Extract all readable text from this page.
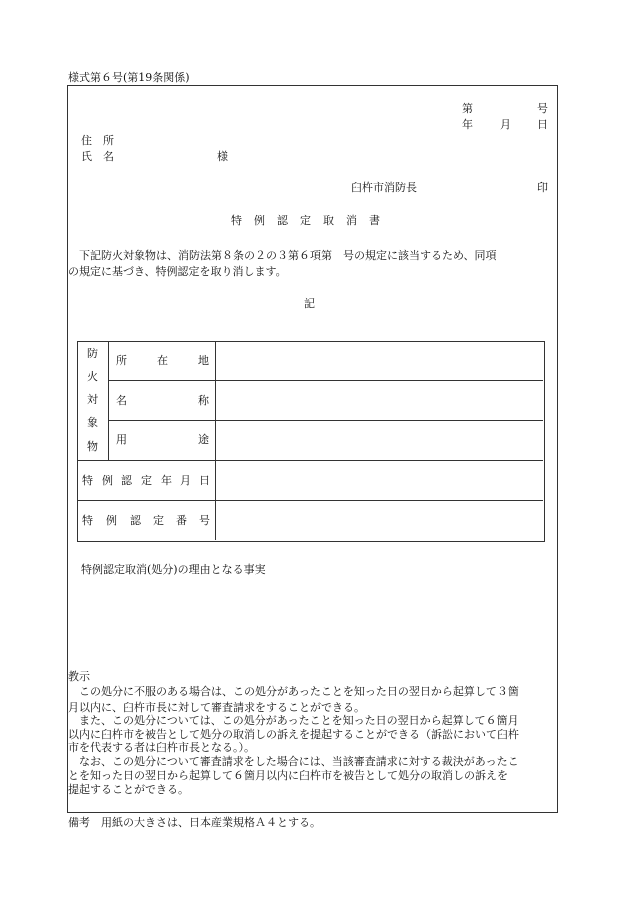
様式第６号(第19条関係)
第	号
年 月 日
住　所
氏　名	様
臼杵市消防長	印
特 例 認 定 取 消 書
　下記防火対象物は、消防法第８条の２の３第６項第　号の規定に該当するため、同項
の規定に基づき、特例認定を取り消します。
記
防
火
対
象
物
所	在	地
名	称
用	途
特 例 認 定 年 月 日
特 例 認 定 番 号
特例認定取消(処分)の理由となる事実
教示
　この処分に不服のある場合は、この処分があったことを知った日の翌日から起算して３箇
月以内に、臼杵市長に対して審査請求をすることができる。
　また、この処分については、この処分があったことを知った日の翌日から起算して６箇月
以内に臼杵市を被告として処分の取消しの訴えを提起することができる（訴訟において臼杵
市を代表する者は臼杵市長となる。）。
　なお、この処分について審査請求をした場合には、当該審査請求に対する裁決があったこ
とを知った日の翌日から起算して６箇月以内に臼杵市を被告として処分の取消しの訴えを
提起することができる。
備考　用紙の大きさは、日本産業規格Ａ４とする。
